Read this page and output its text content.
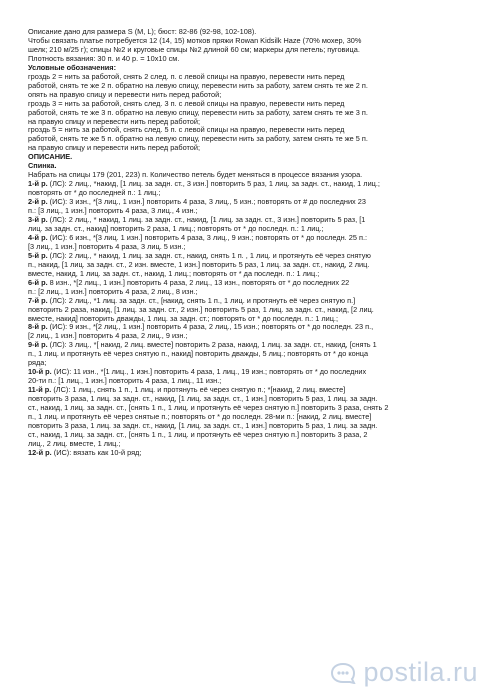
Описание дано для размера S (M, L); бюст: 82-86 (92-98, 102-108).
Чтобы связать платье потребуется 12 (14, 15) мотков пряжи Rowan Kidsilk Haze (70% мохер, 30%
шелк; 210 м/25 г); спицы №2 и круговые спицы №2 длиной 60 см; маркеры для петель; пуговица.
Плотность вязания: 30 п. и 40 р. = 10х10 см.
Условные обозначения:
гроздь 2 = нить за работой, снять 2 след. п. с левой спицы на правую, перевести нить перед
работой, снять те же 2 п. обратно на левую спицу, перевести нить за работу, затем снять те же 2 п.
опять на правую спицу и перевести нить перед работой;
гроздь 3 = нить за работой, снять след. 3 п. с левой спицы на правую, перевести нить перед
работой, снять те же 3 п. обратно на левую спицу, перевести нить за работу, затем снять те же 3 п.
на правую спицу и перевести нить перед работой;
гроздь 5 = нить за работой, снять след. 5 п. с левой спицы на правую, перевести нить перед
работой, снять те же 5 п. обратно на левую спицу, перевести нить за работу, затем снять те же 5 п.
на правую спицу и перевести нить перед работой;
ОПИСАНИЕ.
Спинка.
Набрать на спицы 179 (201, 223) п. Количество петель будет меняться в процессе вязания узора.
1-й р. (ЛС): 2 лиц., *накид, [1 лиц. за задн. ст., 3 изн.] повторить 5 раз, 1 лиц. за задн. ст., накид, 1 лиц.;
повторять от * до последней п.: 1 лиц.;
2-й р. (ИС): 3 изн., *[3 лиц., 1 изн.] повторить 4 раза, 3 лиц., 5 изн.; повторять от # до последних 23
п.: [3 лиц., 1 изн.] повторить 4 раза, 3 лиц., 4 изн.;
3-й р. (ЛС): 2 лиц., * накид, 1 лиц. за задн. ст., накид, [1 лиц. за задн. ст., 3 изн.] повторить 5 раз, [1
лиц. за задн. ст., накид] повторить 2 раза, 1 лиц.; повторять от * до последн. п.: 1 лиц.;
4-й р. (ИС): 6 изн., *[3 лиц. 1 изн.] повторить 4 раза, 3 лиц., 9 изн.; повторять от * до последн. 25 п.:
[3 лиц., 1 изн.] повторить 4 раза, 3 лиц. 5 изн.;
5-й р. (ЛС): 2 лиц., * накид, 1 лиц. за задн. ст., накид, снять 1 п. , 1 лиц. и протянуть её через снятую
п., накид, [1 лиц. за задн. ст., 2 изн. вместе, 1 изн.] повторить 5 раз, 1 лиц. за задн. ст., накид, 2 лиц.
вместе, накид, 1 лиц. за задн. ст., накид, 1 лиц.; повторять от * да последн. п.: 1 лиц.;
6-й р. 8 изн., *[2 лиц., 1 изн.] повторить 4 раза, 2 лиц., 13 изн., повторять от * до последних 22
п.: [2 лиц., 1 изн.] повторить 4 раза, 2 лиц., 8 изн.;
7-й р. (ЛС): 2 лиц., *1 лиц. за задн. ст., [накид, снять 1 п., 1 лиц. и протянуть её через снятую п.]
повторить 2 раза, накид, [1 лиц. за задн. ст., 2 изн.] повторить 5 раз, 1 лиц. за задн. ст., накид, [2 лиц.
вместе, накид] повторить дважды, 1 лиц. за задн. ст.; повторять от * до последн. п.: 1 лиц.;
8-й р. (ИС): 9 изн., *[2 лиц., 1 изн.] повторить 4 раза, 2 лиц., 15 изн.; повторять от * до последн. 23 п.,
[2 лиц., 1 изн.] повторить 4 раза, 2 лиц., 9 изн.;
9-й р. (ЛС): 3 лиц., *[ накид, 2 лиц. вместе] повторить 2 раза, накид, 1 лиц. за задн. ст., накид, [снять 1
п., 1 лиц. и протянуть её через снятую п., накид] повторить дважды, 5 лиц.; повторять от * до конца
ряда;
10-й р. (ИС): 11 изн., *[1 лиц., 1 изн.] повторить 4 раза, 1 лиц., 19 изн.; повторять от * до последних
20-ти п.: [1 лиц., 1 изн.] повторить 4 раза, 1 лиц., 11 изн.;
11-й р. (ЛС): 1 лиц., снять 1 п., 1 лиц. и протянуть её через снятую п.; *[накид, 2 лиц. вместе]
повторить 3 раза, 1 лиц. за задн. ст., накид, [1 лиц. за задн. ст., 1 изн.] повторить 5 раз, 1 лиц. за задн.
ст., накид, 1 лиц. за задн. ст., [снять 1 п., 1 лиц. и протянуть её через снятую п.] повторить 3 раза, снять 2
п., 1 лиц. и протянуть её через снятые п.; повторять от * до последн. 28-ми п.: [накид, 2 лиц. вместе]
повторить 3 раза, 1 лиц. за задн. ст., накид, [1 лиц. за задн. ст., 1 изн.] повторить 5 раз, 1 лиц. за задн.
ст., накид, 1 лиц. за задн. ст., [снять 1 п., 1 лиц. и протянуть её через снятую п.] повторить 3 раза, 2
лиц., 2 лиц. вместе, 1 лиц.;
12-й р. (ИС): вязать как 10-й ряд;
postila.ru
